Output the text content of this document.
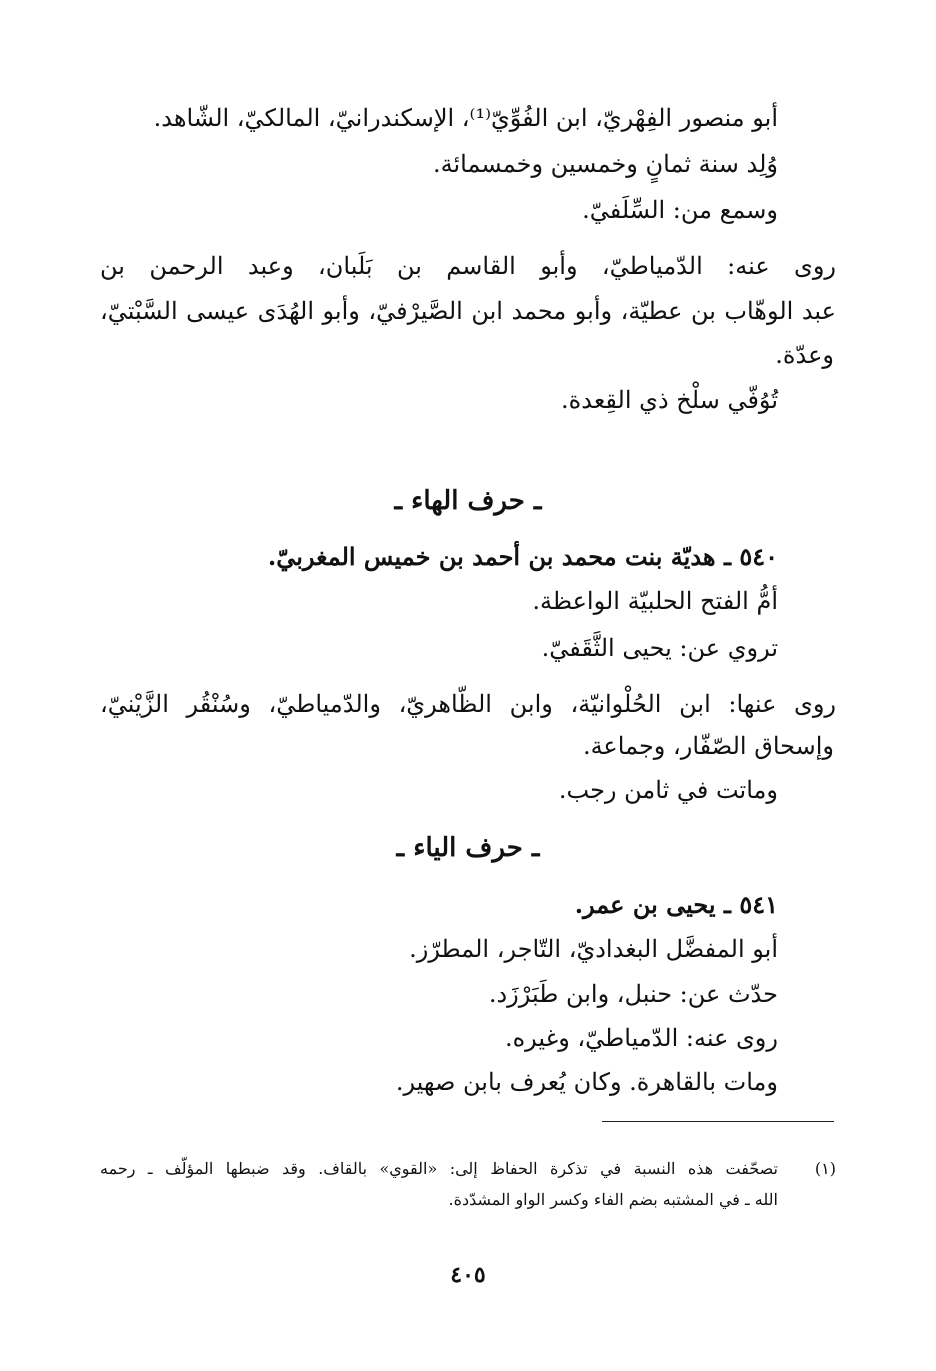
أبو منصور الفِهْريّ، ابن الفُوِّيّ⁽¹⁾، الإسكندرانيّ، المالكيّ، الشّاهد.
وُلِد سنة ثمانٍ وخمسين وخمسمائة.
وسمع من: السِّلَفيّ.
روى عنه: الدّمياطيّ، وأبو القاسم بن بَلَبان، وعبد الرحمن بن
عبد الوهّاب بن عطيّة، وأبو محمد ابن الصَّيرْفيّ، وأبو الهُدَى عيسى السَّبْتيّ،
وعدّة.
تُوُفّي سلْخ ذي القِعدة.
ـ حرف الهاء ـ
٥٤٠ ـ هديّة بنت محمد بن أحمد بن خميس المغربيّ.
أمُّ الفتح الحلبيّة الواعظة.
تروي عن: يحيى الثَّقَفيّ.
روى عنها: ابن الحُلْوانيّة، وابن الظّاهريّ، والدّمياطيّ، وسُنْقُر الزَّيْنيّ،
وإسحاق الصّفّار، وجماعة.
وماتت في ثامن رجب.
ـ حرف الياء ـ
٥٤١ ـ يحيى بن عمر.
أبو المفضَّل البغداديّ، التّاجر، المطرّز.
حدّث عن: حنبل، وابن طَبَرْزَد.
روى عنه: الدّمياطيّ، وغيره.
ومات بالقاهرة. وكان يُعرف بابن صهير.
(١)
تصحّفت هذه النسبة في تذكرة الحفاظ إلى: «القوي» بالقاف. وقد ضبطها المؤلّف ـ رحمه
الله ـ في المشتبه بضم الفاء وكسر الواو المشدّدة.
٤٠٥
